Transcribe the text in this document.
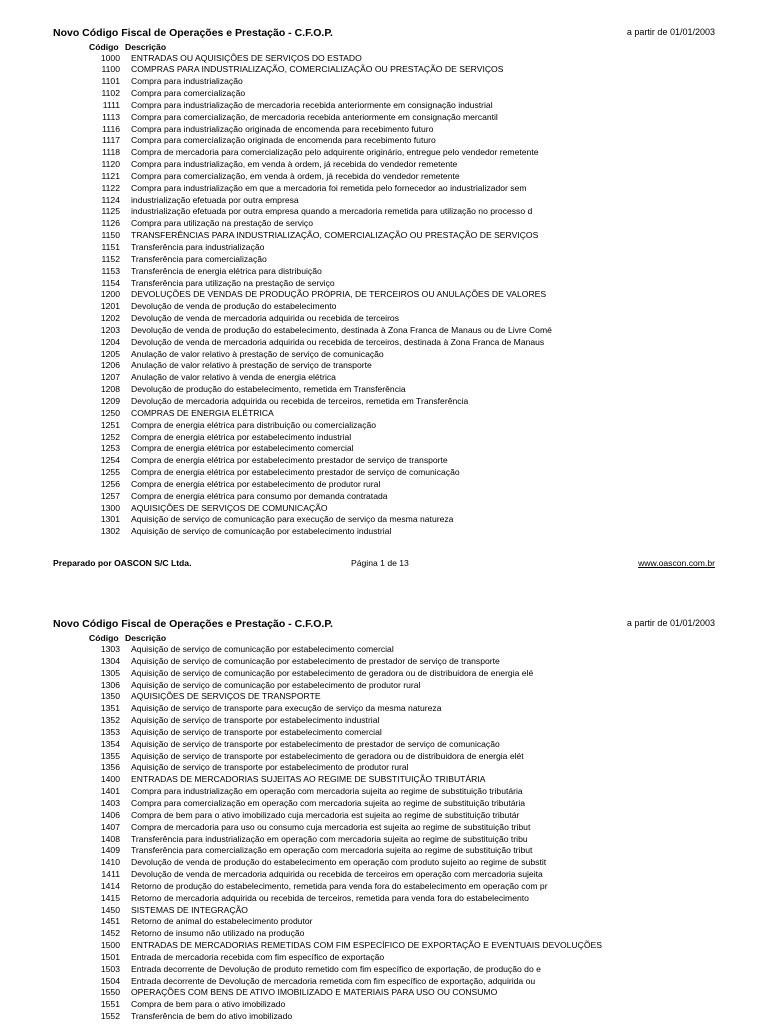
Novo Código Fiscal de Operações e Prestação - C.F.O.P.	a partir de 01/01/2003
Código Descrição
1000 ENTRADAS OU AQUISIÇÕES DE SERVIÇOS DO ESTADO
1100 COMPRAS PARA INDUSTRIALIZAÇÃO, COMERCIALIZAÇÃO OU PRESTAÇÃO DE SERVIÇOS
1101 Compra para industrialização
1102 Compra para comercialização
1111 Compra para industrialização de mercadoria recebida anteriormente em consignação industrial
1113 Compra para comercialização, de mercadoria recebida anteriormente em consignação mercantil
1116 Compra para industrialização originada de encomenda para recebimento futuro
1117 Compra para comercialização originada de encomenda para recebimento futuro
1118 Compra de mercadoria para comercialização pelo adquirente originário, entregue pelo vendedor remetente
1120 Compra para industrialização, em venda à ordem, já recebida do vendedor remetente
1121 Compra para comercialização, em venda à ordem, já recebida do vendedor remetente
1122 Compra para industrialização em que a mercadoria foi remetida pelo fornecedor ao industrializador sem
1124 industrialização efetuada por outra empresa
1125 industrialização efetuada por outra empresa quando a mercadoria remetida para utilização no processo d
1126 Compra para utilização na prestação de serviço
1150 TRANSFERÊNCIAS PARA INDUSTRIALIZAÇÃO, COMERCIALIZAÇÃO OU PRESTAÇÃO DE SERVIÇOS
1151 Transferência para industrialização
1152 Transferência para comercialização
1153 Transferência de energia elétrica para distribuição
1154 Transferência para utilização na prestação de serviço
1200 DEVOLUÇÕES DE VENDAS DE PRODUÇÃO PRÓPRIA, DE TERCEIROS OU ANULAÇÕES DE VALORES
1201 Devolução de venda de produção do estabelecimento
1202 Devolução de venda de mercadoria adquirida ou recebida de terceiros
1203 Devolução de venda de produção do estabelecimento, destinada à Zona Franca de Manaus ou de Livre Comé
1204 Devolução de venda de mercadoria adquirida ou recebida de terceiros, destinada à Zona Franca de Manaus
1205 Anulação de valor relativo à prestação de serviço de comunicação
1206 Anulação de valor relativo à prestação de serviço de transporte
1207 Anulação de valor relativo à venda de energia elétrica
1208 Devolução de produção do estabelecimento, remetida em Transferência
1209 Devolução de mercadoria adquirida ou recebida de terceiros, remetida em Transferência
1250 COMPRAS DE ENERGIA ELÉTRICA
1251 Compra de energia elétrica para distribuição ou comercialização
1252 Compra de energia elétrica por estabelecimento industrial
1253 Compra de energia elétrica por estabelecimento comercial
1254 Compra de energia elétrica por estabelecimento prestador de serviço de transporte
1255 Compra de energia elétrica por estabelecimento prestador de serviço de comunicação
1256 Compra de energia elétrica por estabelecimento de produtor rural
1257 Compra de energia elétrica para consumo por demanda contratada
1300 AQUISIÇÕES DE SERVIÇOS DE COMUNICAÇÃO
1301 Aquisição de serviço de comunicação para execução de serviço da mesma natureza
1302 Aquisição de serviço de comunicação por estabelecimento industrial
Preparado por OASCON S/C Ltda.	Página 1 de 13	www.oascon.com.br
Novo Código Fiscal de Operações e Prestação - C.F.O.P.	a partir de 01/01/2003
Código Descrição
1303 Aquisição de serviço de comunicação por estabelecimento comercial
1304 Aquisição de serviço de comunicação por estabelecimento de prestador de serviço de transporte
1305 Aquisição de serviço de comunicação por estabelecimento de geradora ou de distribuidora de energia elé
1306 Aquisição de serviço de comunicação por estabelecimento de produtor rural
1350 AQUISIÇÕES DE SERVIÇOS DE TRANSPORTE
1351 Aquisição de serviço de transporte para execução de serviço da mesma natureza
1352 Aquisição de serviço de transporte por estabelecimento industrial
1353 Aquisição de serviço de transporte por estabelecimento comercial
1354 Aquisição de serviço de transporte por estabelecimento de prestador de serviço de comunicação
1355 Aquisição de serviço de transporte por estabelecimento de geradora ou de distribuidora de energia elét
1356 Aquisição de serviço de transporte por estabelecimento de produtor rural
1400 ENTRADAS DE MERCADORIAS SUJEITAS AO REGIME DE SUBSTITUIÇÃO TRIBUTÁRIA
1401 Compra para industrialização em operação com mercadoria sujeita ao regime de substituição tributária
1403 Compra para comercialização em operação com mercadoria sujeita ao regime de substituição tributária
1406 Compra de bem para o ativo imobilizado cuja mercadoria est sujeita ao regime de substituição tributár
1407 Compra de mercadoria para uso ou consumo cuja mercadoria est sujeita ao regime de substituição tribut
1408 Transferência para industrialização em operação com mercadoria sujeita ao regime de substituição tribu
1409 Transferência para comercialização em operação com mercadoria sujeita ao regime de substituição tribut
1410 Devolução de venda de produção do estabelecimento em operação com produto sujeito ao regime de substit
1411 Devolução de venda de mercadoria adquirida ou recebida de terceiros em operação com mercadoria sujeita
1414 Retorno de produção do estabelecimento, remetida para venda fora do estabelecimento em operação com pr
1415 Retorno de mercadoria adquirida ou recebida de terceiros, remetida para venda fora do estabelecimento
1450 SISTEMAS DE INTEGRAÇÃO
1451 Retorno de animal do estabelecimento produtor
1452 Retorno de insumo não utilizado na produção
1500 ENTRADAS DE MERCADORIAS REMETIDAS COM FIM ESPECÍFICO DE EXPORTAÇÃO E EVENTUAIS DEVOLUÇÕES
1501 Entrada de mercadoria recebida com fim específico de exportação
1503 Entrada decorrente de Devolução de produto remetido com fim específico de exportação, de produção do e
1504 Entrada decorrente de Devolução de mercadoria remetida com fim específico de exportação, adquirida ou
1550 OPERAÇÕES COM BENS DE ATIVO IMOBILIZADO E MATERIAIS PARA USO OU CONSUMO
1551 Compra de bem para o ativo imobilizado
1552 Transferência de bem do ativo imobilizado
